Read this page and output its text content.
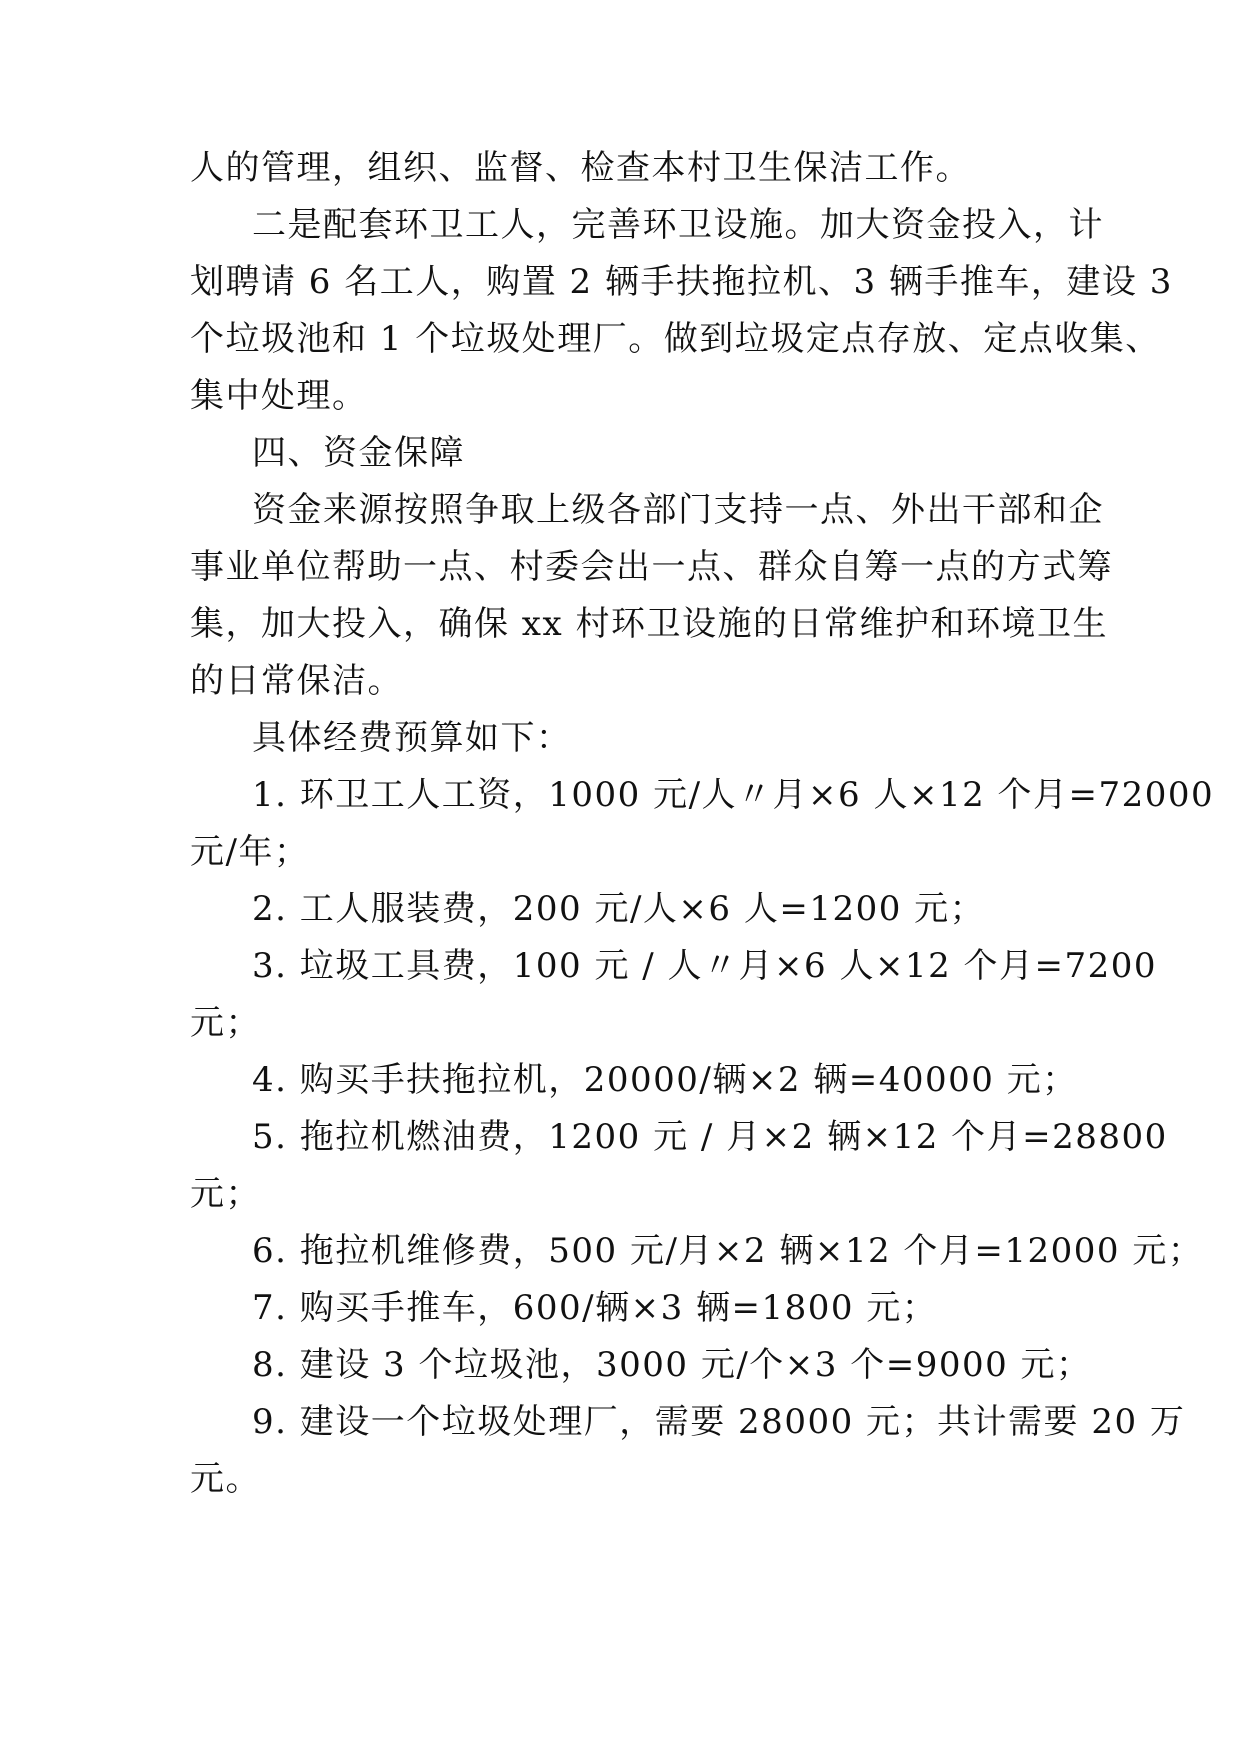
人的管理，组织、监督、检查本村卫生保洁工作。
二是配套环卫工人，完善环卫设施。加大资金投入，计
划聘请 6 名工人，购置 2 辆手扶拖拉机、3 辆手推车，建设 3
个垃圾池和 1 个垃圾处理厂。做到垃圾定点存放、定点收集、
集中处理。
四、资金保障
资金来源按照争取上级各部门支持一点、外出干部和企
事业单位帮助一点、村委会出一点、群众自筹一点的方式筹
集，加大投入，确保 xx 村环卫设施的日常维护和环境卫生
的日常保洁。
具体经费预算如下：
1. 环卫工人工资，1000 元/人〃月×6 人×12 个月=72000
元/年；
2. 工人服装费，200 元/人×6 人=1200 元；
3. 垃圾工具费，100 元 / 人〃月×6 人×12 个月=7200
元；
4. 购买手扶拖拉机，20000/辆×2 辆=40000 元；
5. 拖拉机燃油费，1200 元 / 月×2 辆×12 个月=28800
元；
6. 拖拉机维修费，500 元/月×2 辆×12 个月=12000 元；
7. 购买手推车，600/辆×3 辆=1800 元；
8. 建设 3 个垃圾池，3000 元/个×3 个=9000 元；
9. 建设一个垃圾处理厂，需要 28000 元；共计需要 20 万
元。
